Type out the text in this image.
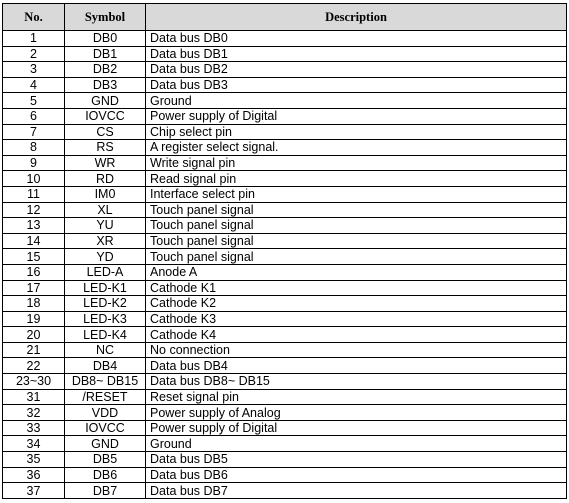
No.	Symbol	Description
1	DB0	Data bus DB0
2	DB1	Data bus DB1
3	DB2	Data bus DB2
4	DB3	Data bus DB3
5	GND	Ground
6	IOVCC	Power supply of Digital
7	CS	Chip select pin
8	RS	A register select signal.
9	WR	Write signal pin
10	RD	Read signal pin
11	IM0	Interface select pin
12	XL	Touch panel signal
13	YU	Touch panel signal
14	XR	Touch panel signal
15	YD	Touch panel signal
16	LED-A	Anode A
17	LED-K1	Cathode K1
18	LED-K2	Cathode K2
19	LED-K3	Cathode K3
20	LED-K4	Cathode K4
21	NC	No connection
22	DB4	Data bus DB4
23~30	DB8~ DB15	Data bus DB8~ DB15
31	/RESET	Reset signal pin
32	VDD	Power supply of Analog
33	IOVCC	Power supply of Digital
34	GND	Ground
35	DB5	Data bus DB5
36	DB6	Data bus DB6
37	DB7	Data bus DB7
